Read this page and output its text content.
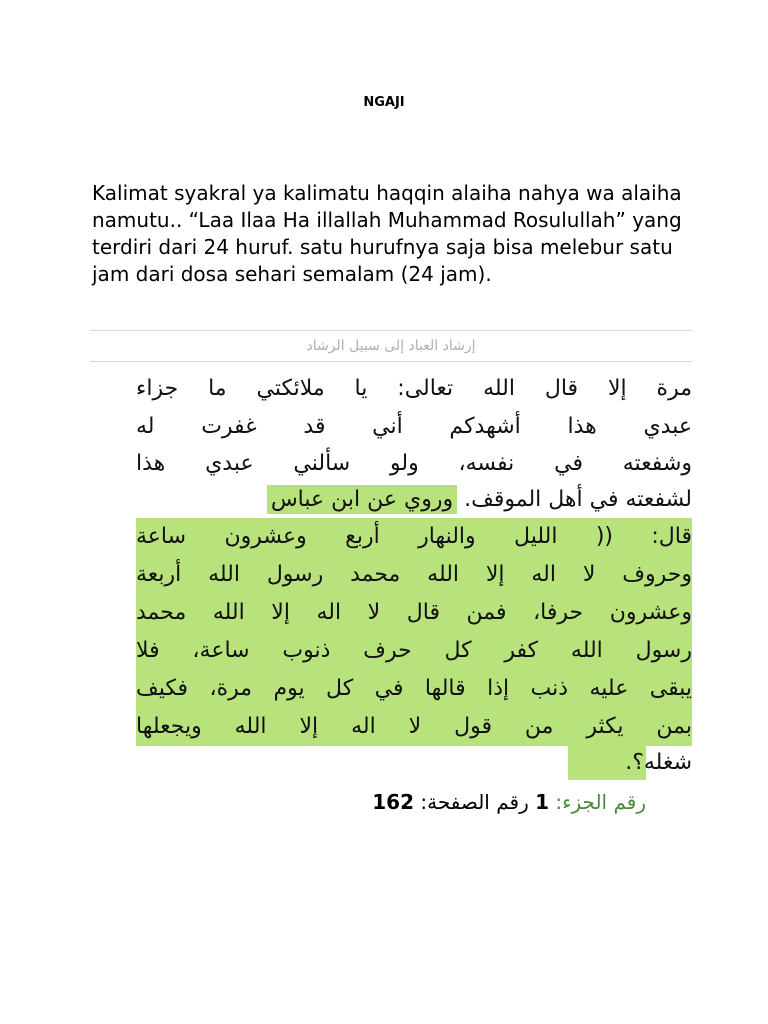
NGAJI

Kalimat syakral ya kalimatu haqqin alaiha nahya wa alaiha namutu.. “Laa Ilaa Ha illallah Muhammad Rosulullah” yang terdiri dari 24 huruf. satu hurufnya saja bisa melebur satu jam dari dosa sehari semalam (24 jam).

إرشاد العباد إلى سبيل الرشاد
مرة إلا قال الله تعالى: يا ملائكتي ما جزاء
عبدي هذا أشهدكم أني قد غفرت له
وشفعته في نفسه، ولو سألني عبدي هذا
لشفعته في أهل الموقف. وروي عن ابن عباس
قال: (( الليل والنهار أربع وعشرون ساعة
وحروف لا اله إلا الله محمد رسول الله أربعة
وعشرون حرفا، فمن قال لا اله إلا الله محمد
رسول الله كفر كل حرف ذنوب ساعة، فلا
يبقى عليه ذنب إذا قالها في كل يوم مرة، فكيف
بمن يكثر من قول لا اله إلا الله ويجعلها
شغله؟.
رقم الجزء: 1 رقم الصفحة: 162
